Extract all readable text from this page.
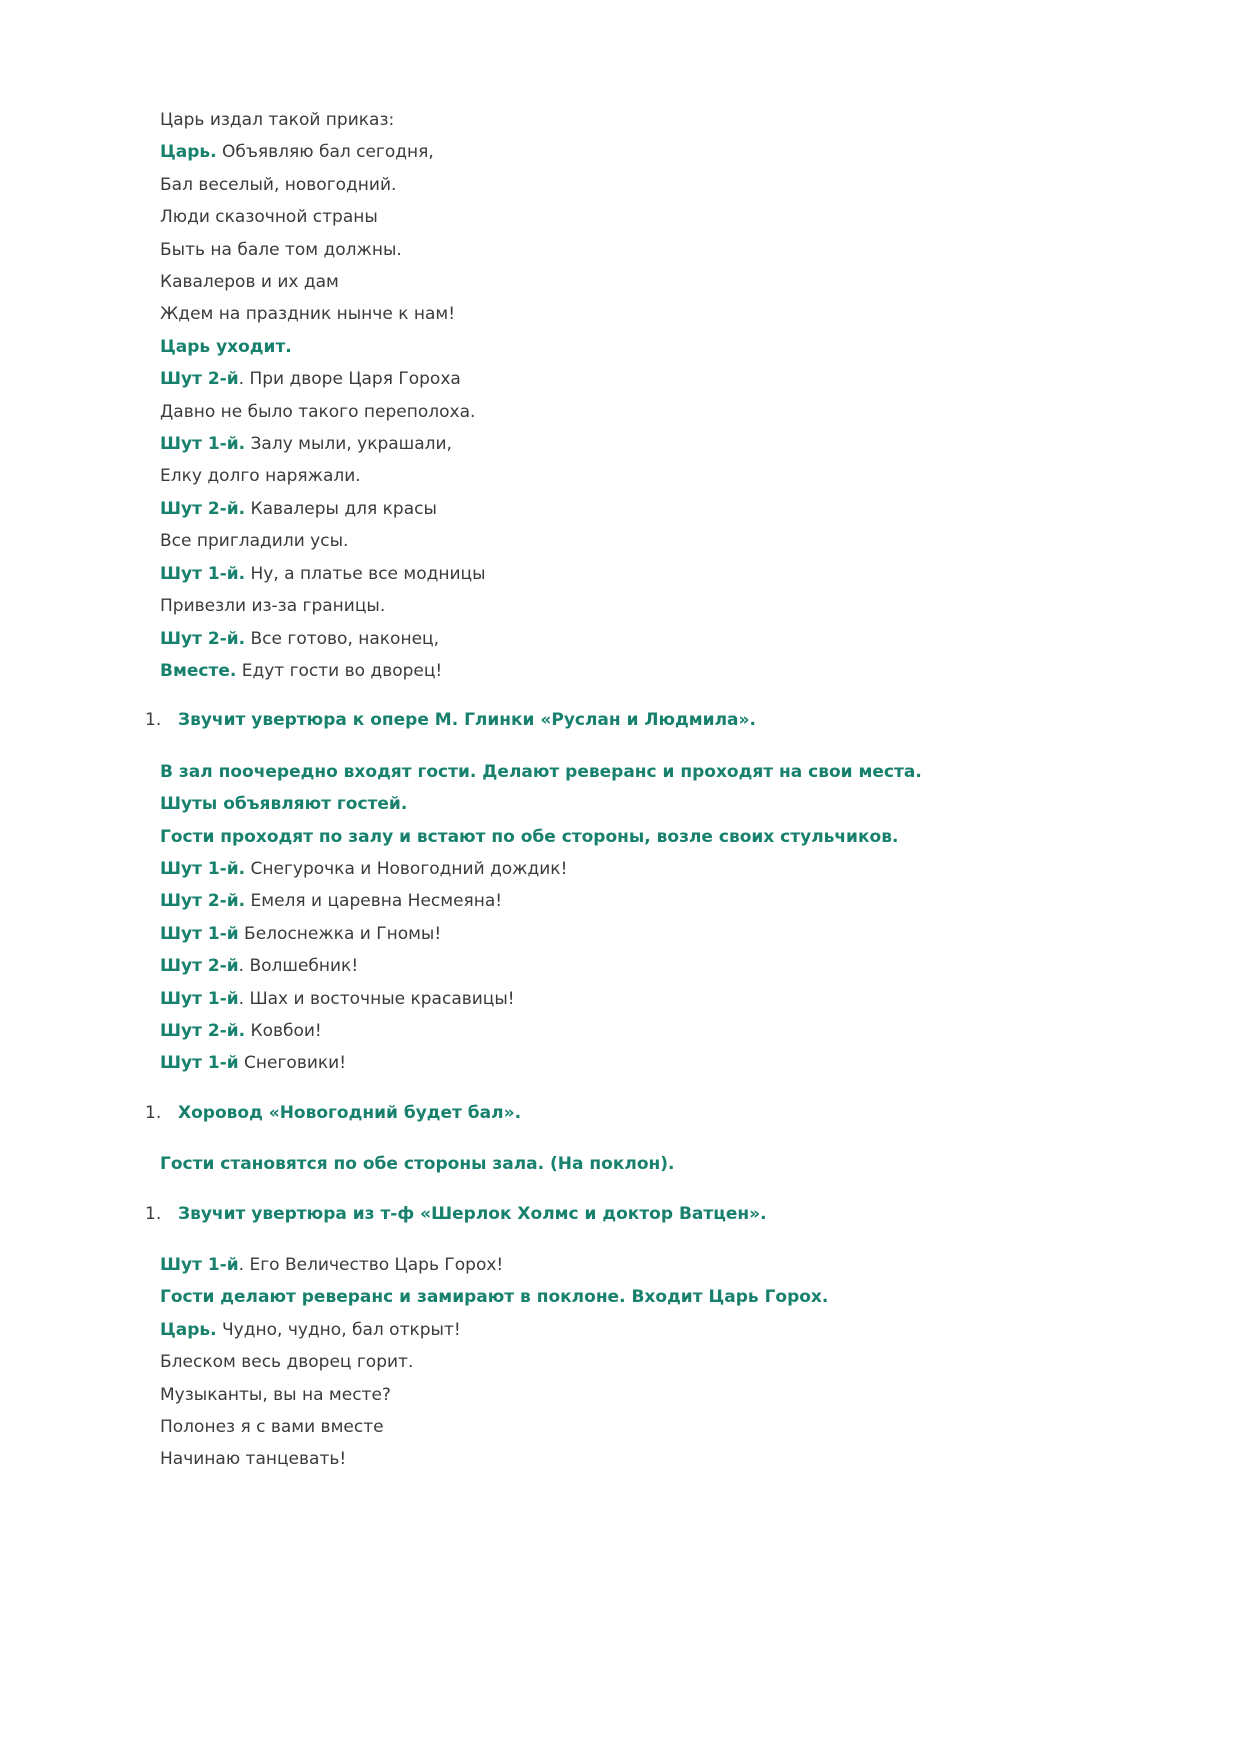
Царь издал такой приказ:
Царь. Объявляю бал сегодня,
Бал веселый, новогодний.
Люди сказочной страны
Быть на бале том должны.
Кавалеров и их дам
Ждем на праздник нынче к нам!
Царь уходит.
Шут 2-й. При дворе Царя Гороха
Давно не было такого переполоха.
Шут 1-й. Залу мыли, украшали,
Елку долго наряжали.
Шут 2-й. Кавалеры для красы
Все пригладили усы.
Шут 1-й. Ну, а платье все модницы
Привезли из-за границы.
Шут 2-й. Все готово, наконец,
Вместе. Едут гости во дворец!
1. Звучит увертюра к опере М. Глинки «Руслан и Людмила».
В зал поочередно входят гости. Делают реверанс и проходят на свои места.
Шуты объявляют гостей.
Гости проходят по залу и встают по обе стороны, возле своих стульчиков.
Шут 1-й. Снегурочка и Новогодний дождик!
Шут 2-й. Емеля и царевна Несмеяна!
Шут 1-й Белоснежка и Гномы!
Шут 2-й. Волшебник!
Шут 1-й. Шах и восточные красавицы!
Шут 2-й. Ковбои!
Шут 1-й Снеговики!
1. Хоровод «Новогодний будет бал».
Гости становятся по обе стороны зала. (На поклон).
1. Звучит увертюра из т-ф «Шерлок Холмс и доктор Ватцен».
Шут 1-й. Его Величество Царь Горох!
Гости делают реверанс и замирают в поклоне. Входит Царь Горох.
Царь. Чудно, чудно, бал открыт!
Блеском весь дворец горит.
Музыканты, вы на месте?
Полонез я с вами вместе
Начинаю танцевать!
